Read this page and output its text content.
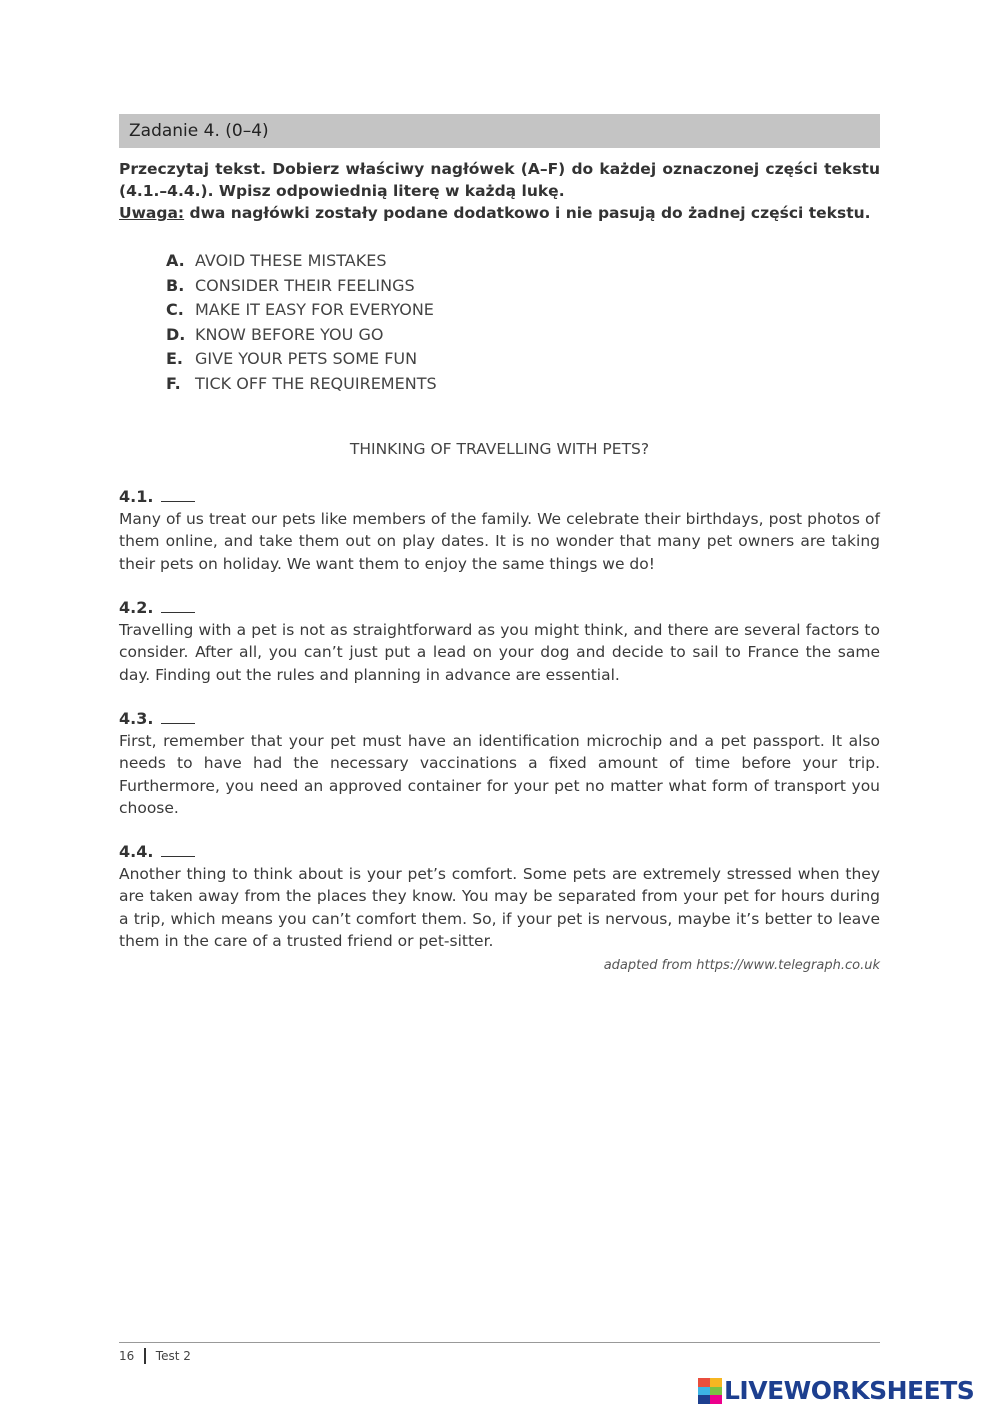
Zadanie 4. (0–4)

Przeczytaj tekst. Dobierz właściwy nagłówek (A–F) do każdej oznaczonej części tekstu (4.1.–4.4.). Wpisz odpowiednią literę w każdą lukę.

Uwaga: dwa nagłówki zostały podane dodatkowo i nie pasują do żadnej części tekstu.

A. AVOID THESE MISTAKES
B. CONSIDER THEIR FEELINGS
C. MAKE IT EASY FOR EVERYONE
D. KNOW BEFORE YOU GO
E. GIVE YOUR PETS SOME FUN
F. TICK OFF THE REQUIREMENTS
THINKING OF TRAVELLING WITH PETS?
4.1.

Many of us treat our pets like members of the family. We celebrate their birthdays, post photos of them online, and take them out on play dates. It is no wonder that many pet owners are taking their pets on holiday. We want them to enjoy the same things we do!

4.2.

Travelling with a pet is not as straightforward as you might think, and there are several factors to consider. After all, you can’t just put a lead on your dog and decide to sail to France the same day. Finding out the rules and planning in advance are essential.

4.3.

First, remember that your pet must have an identification microchip and a pet passport. It also needs to have had the necessary vaccinations a fixed amount of time before your trip. Furthermore, you need an approved container for your pet no matter what form of transport you choose.

4.4.

Another thing to think about is your pet’s comfort. Some pets are extremely stressed when they are taken away from the places they know. You may be separated from your pet for hours during a trip, which means you can’t comfort them. So, if your pet is nervous, maybe it’s better to leave them in the care of a trusted friend or pet-sitter.

adapted from https://www.telegraph.co.uk
16 Test 2
LIVEWORKSHEETS
